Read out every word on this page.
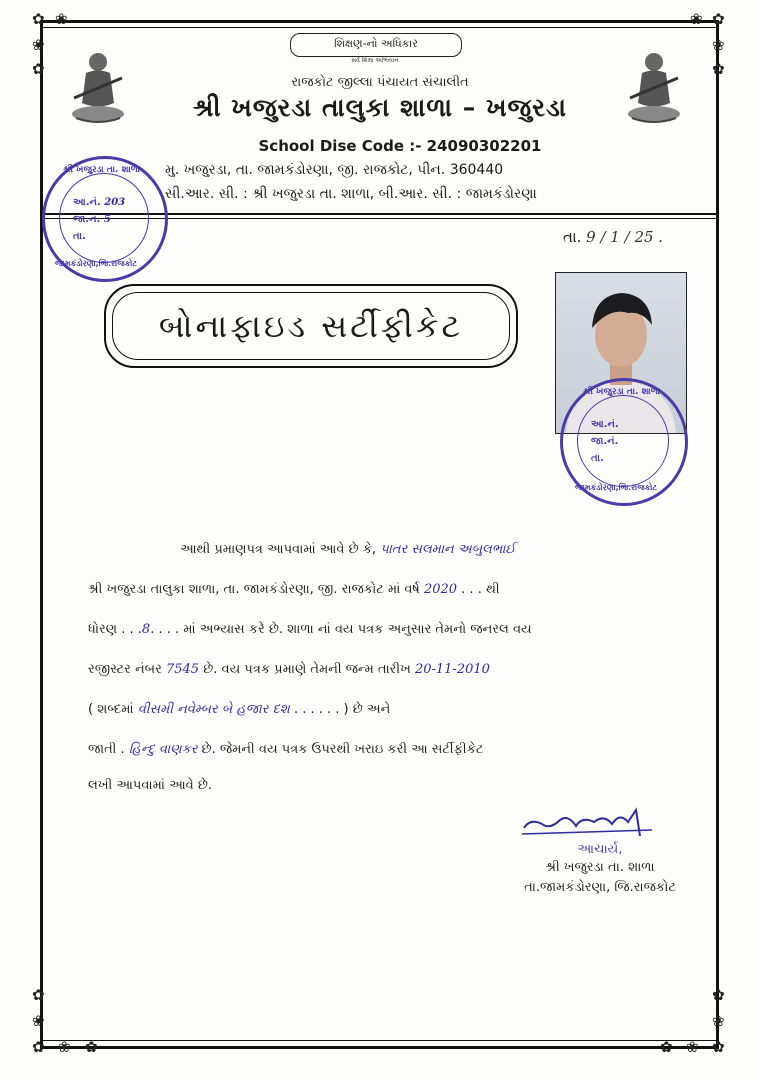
✿ ❀
❀
✿
✿
❀
❀
✿
✿ ❀ ✿
❀
✿
✿
❀
✿
❀
✿
શિક્ષણ-નો અધિકાર
સર્વ શિક્ષા અભિયાન
રાજકોટ જીલ્લા પંચાયત સંચાલીત
શ્રી ખજુરડા તાલુકા શાળા – ખજુરડા
School Dise Code :- 24090302201
મુ. ખજુરડા, તા. જામકંડોરણા, જી. રાજકોટ, પીન. 360440
સી.આર. સી. : શ્રી ખજુરડા તા. શાળા, બી.આર. સી. : જામકંડોરણા
શ્રી ખજુરડા તા. શાળા
આ.નં. 203
જા.નં. 5
તા.
જામકંડોરણા,જિ.રાજકોટ
તા. 9 / 1 / 25 .
બોનાફાઇડ સર્ટીફીકેટ
શ્રી ખજુરડા તા. શાળા
આ.નં.
જા.નં.
તા.
જામકંડોરણા,જિ.રાજકોટ
આથી પ્રમાણપત્ર આપવામાં આવે છે કે, પાતર સલમાન અબુલભાઈ
શ્રી ખજુરડા તાલુકા શાળા, તા. જામકંડોરણા, જી. રાજકોટ માં વર્ષ 2020 . . . થી
ધોરણ . . .8. . . . માં અભ્યાસ કરે છે. શાળા નાં વય પત્રક અનુસાર તેમનો જનરલ વય
રજીસ્ટર નંબર 7545 છે. વય પત્રક પ્રમાણે તેમની જન્મ તારીખ 20-11-2010
( શબ્દમાં વીસમી નવેમ્બર બે હજાર દશ . . . . . . ) છે અને
જાતી . હિન્દુ વાણકર છે. જેમની વય પત્રક ઉપરથી ખરાઇ કરી આ સર્ટીફીકેટ
લખી આપવામાં આવે છે.
આચાર્ય,
શ્રી ખજુરડા તા. શાળા
તા.જામકંડોરણા, જિ.રાજકોટ
